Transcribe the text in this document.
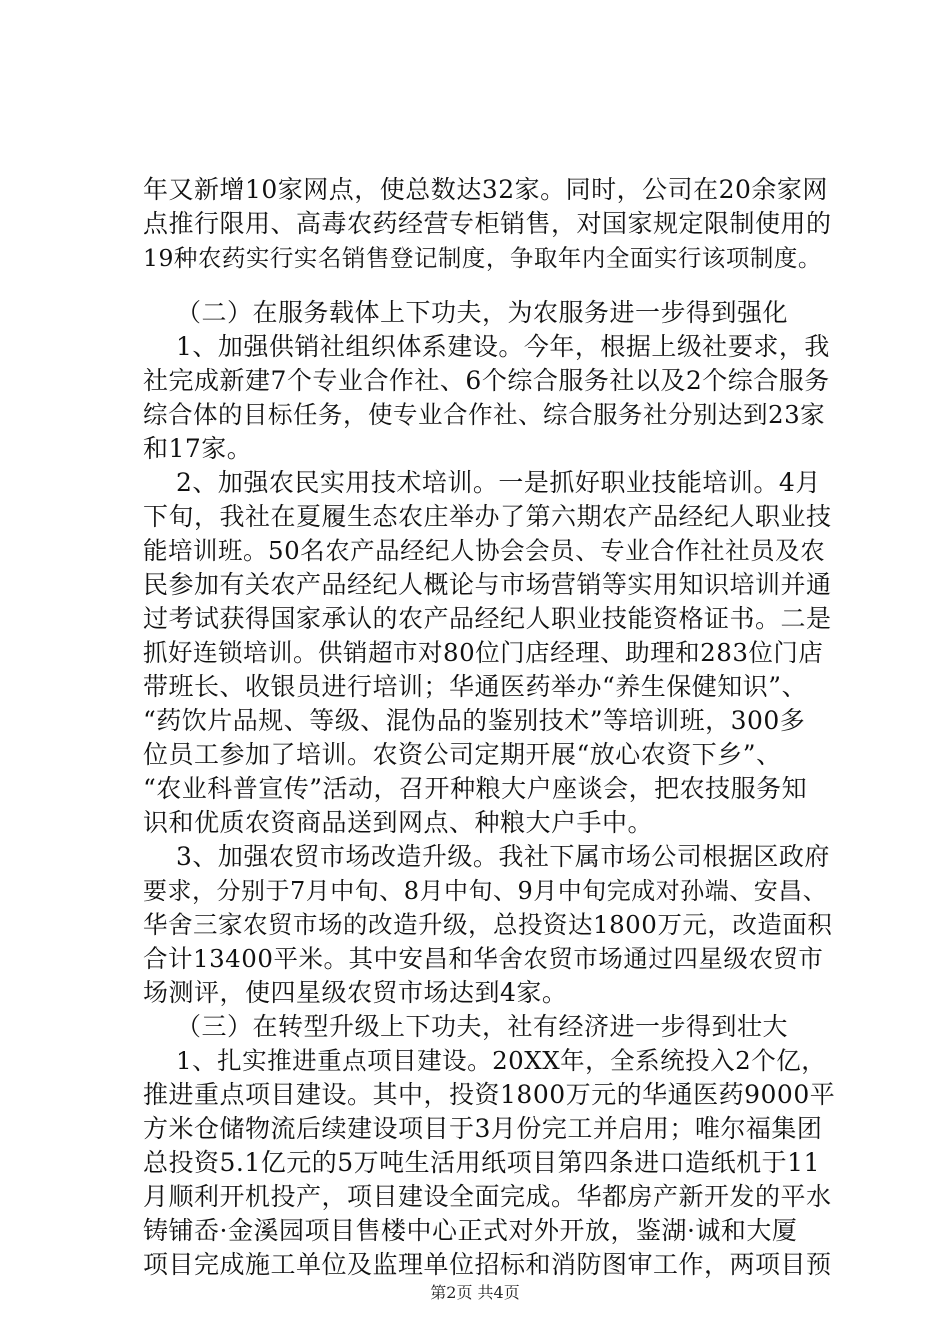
年又新增10家网点，使总数达32家。同时，公司在20余家网
点推行限用、高毒农药经营专柜销售，对国家规定限制使用的
19种农药实行实名销售登记制度，争取年内全面实行该项制度。
（二）在服务载体上下功夫，为农服务进一步得到强化
1、加强供销社组织体系建设。今年，根据上级社要求，我
社完成新建7个专业合作社、6个综合服务社以及2个综合服务
综合体的目标任务，使专业合作社、综合服务社分别达到23家
和17家。
2、加强农民实用技术培训。一是抓好职业技能培训。4月
下旬，我社在夏履生态农庄举办了第六期农产品经纪人职业技
能培训班。50名农产品经纪人协会会员、专业合作社社员及农
民参加有关农产品经纪人概论与市场营销等实用知识培训并通
过考试获得国家承认的农产品经纪人职业技能资格证书。二是
抓好连锁培训。供销超市对80位门店经理、助理和283位门店
带班长、收银员进行培训；华通医药举办“养生保健知识”、
“药饮片品规、等级、混伪品的鉴别技术”等培训班，300多
位员工参加了培训。农资公司定期开展“放心农资下乡”、
“农业科普宣传”活动，召开种粮大户座谈会，把农技服务知
识和优质农资商品送到网点、种粮大户手中。
3、加强农贸市场改造升级。我社下属市场公司根据区政府
要求，分别于7月中旬、8月中旬、9月中旬完成对孙端、安昌、
华舍三家农贸市场的改造升级，总投资达1800万元，改造面积
合计13400平米。其中安昌和华舍农贸市场通过四星级农贸市
场测评，使四星级农贸市场达到4家。
（三）在转型升级上下功夫，社有经济进一步得到壮大
1、扎实推进重点项目建设。20XX年，全系统投入2个亿，
推进重点项目建设。其中，投资1800万元的华通医药9000平
方米仓储物流后续建设项目于3月份完工并启用；唯尔福集团
总投资5.1亿元的5万吨生活用纸项目第四条进口造纸机于11
月顺利开机投产，项目建设全面完成。华都房产新开发的平水
铸铺岙·金溪园项目售楼中心正式对外开放，鉴湖·诚和大厦
项目完成施工单位及监理单位招标和消防图审工作，两项目预
第2页 共4页
